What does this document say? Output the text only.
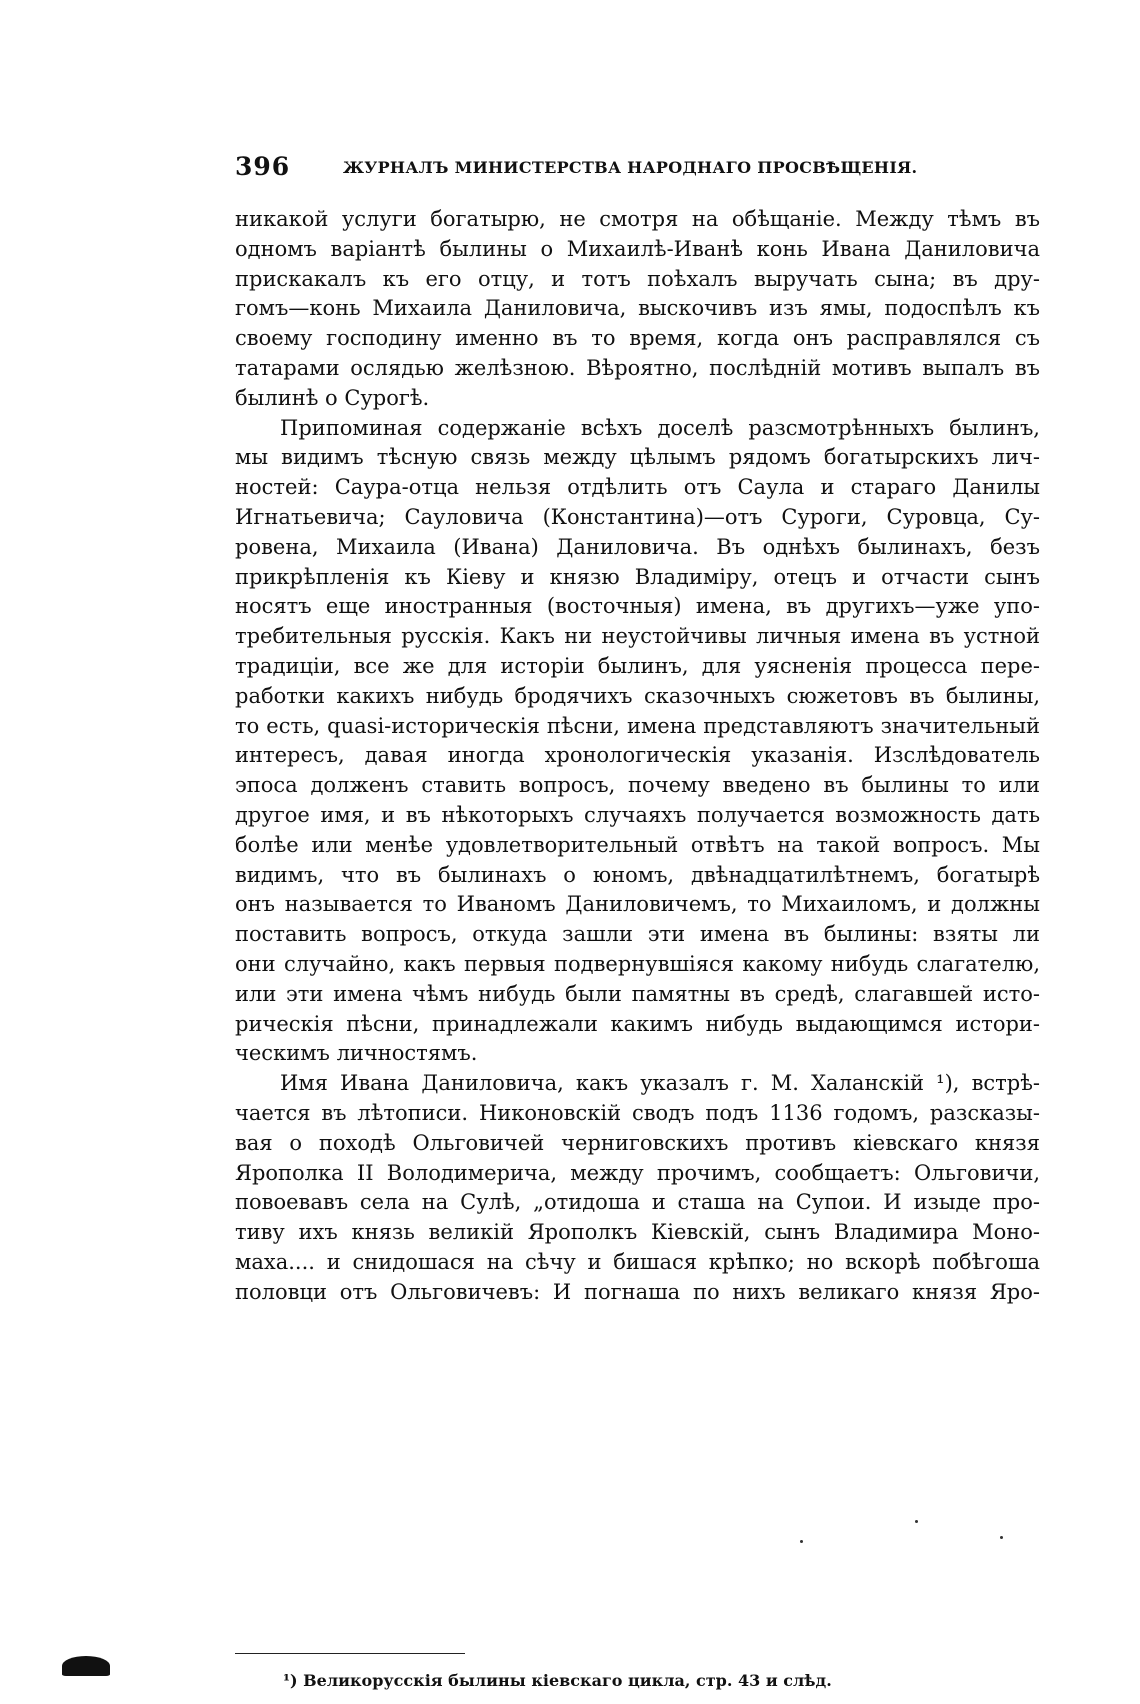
396	ЖУРНАЛЪ МИНИСТЕРСТВА НАРОДНАГО ПРОСВѢЩЕНІЯ.
никакой услуги богатырю, не смотря на обѣщаніе. Между тѣмъ въ
одномъ варіантѣ былины о Михаилѣ-Иванѣ конь Ивана Даниловича
прискакалъ къ его отцу, и тотъ поѣхалъ выручать сына; въ дру-
гомъ—конь Михаила Даниловича, выскочивъ изъ ямы, подоспѣлъ къ
своему господину именно въ то время, когда онъ расправлялся съ
татарами ослядью желѣзною. Вѣроятно, послѣдній мотивъ выпалъ въ
былинѣ о Сурогѣ.
Припоминая содержаніе всѣхъ доселѣ разсмотрѣнныхъ былинъ,
мы видимъ тѣсную связь между цѣлымъ рядомъ богатырскихъ лич-
ностей: Саура-отца нельзя отдѣлить отъ Саула и стараго Данилы
Игнатьевича; Сауловича (Константина)—отъ Суроги, Суровца, Су-
ровена, Михаила (Ивана) Даниловича. Въ однѣхъ былинахъ, безъ
прикрѣпленія къ Кіеву и князю Владиміру, отецъ и отчасти сынъ
носятъ еще иностранныя (восточныя) имена, въ другихъ—уже упо-
требительныя русскія. Какъ ни неустойчивы личныя имена въ устной
традиціи, все же для исторіи былинъ, для уясненія процесса пере-
работки какихъ нибудь бродячихъ сказочныхъ сюжетовъ въ былины,
то есть, quasi-историческія пѣсни, имена представляютъ значительный
интересъ, давая иногда хронологическія указанія. Изслѣдователь
эпоса долженъ ставить вопросъ, почему введено въ былины то или
другое имя, и въ нѣкоторыхъ случаяхъ получается возможность дать
болѣе или менѣе удовлетворительный отвѣтъ на такой вопросъ. Мы
видимъ, что въ былинахъ о юномъ, двѣнадцатилѣтнемъ, богатырѣ
онъ называется то Иваномъ Даниловичемъ, то Михаиломъ, и должны
поставить вопросъ, откуда зашли эти имена въ былины: взяты ли
они случайно, какъ первыя подвернувшіяся какому нибудь слагателю,
или эти имена чѣмъ нибудь были памятны въ средѣ, слагавшей исто-
рическія пѣсни, принадлежали какимъ нибудь выдающимся истори-
ческимъ личностямъ.
Имя Ивана Даниловича, какъ указалъ г. М. Халанскій ¹), встрѣ-
чается въ лѣтописи. Никоновскій сводъ подъ 1136 годомъ, разсказы-
вая о походѣ Ольговичей черниговскихъ противъ кіевскаго князя
Ярополка II Володимерича, между прочимъ, сообщаетъ: Ольговичи,
повоевавъ села на Сулѣ, „отидоша и сташа на Супои. И изыде про-
тиву ихъ князь великій Ярополкъ Кіевскій, сынъ Владимира Моно-
маха.... и снидошася на сѣчу и бишася крѣпко; но вскорѣ побѣгоша
половци отъ Ольговичевъ: И погнаша по нихъ великаго князя Яро-
¹) Великорусскія былины кіевскаго цикла, стр. 43 и слѣд.
